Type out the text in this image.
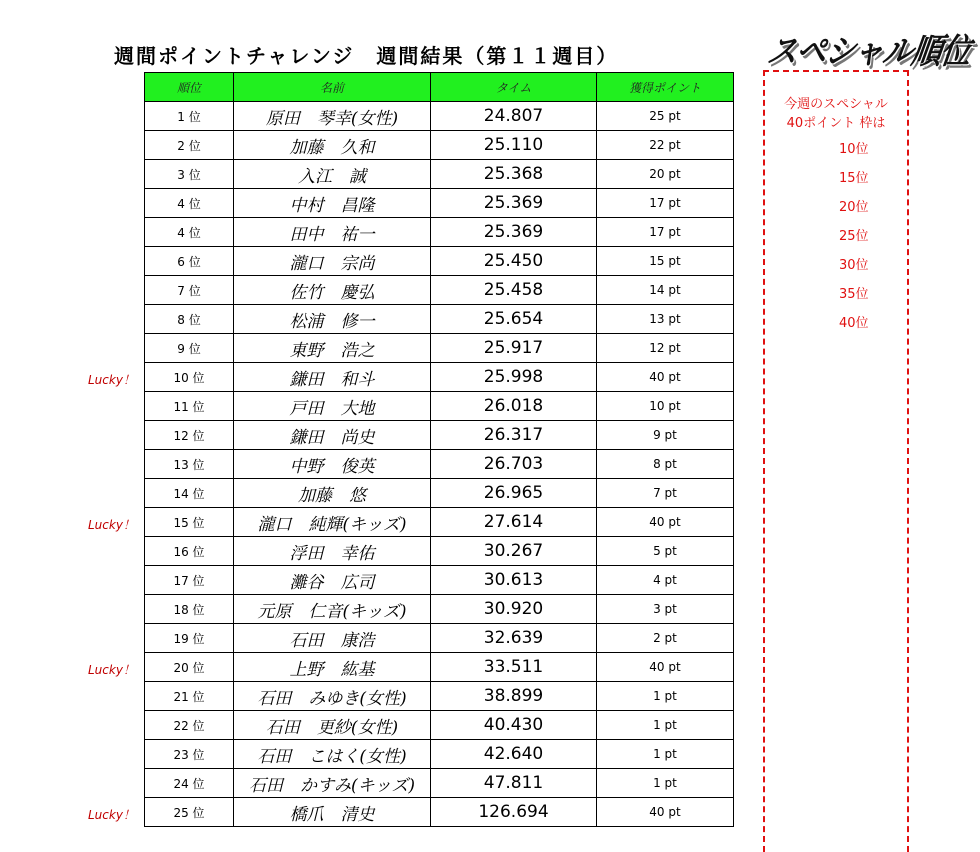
週間ポイントチャレンジ　週間結果（第１１週目）	スペシャル順位
順位	名前	タイム	獲得ポイント
1 位	原田　琴幸(女性)	24.807	25 pt
2 位	加藤　久和	25.110	22 pt
3 位	入江　誠	25.368	20 pt
4 位	中村　昌隆	25.369	17 pt
4 位	田中　祐一	25.369	17 pt
6 位	瀧口　宗尚	25.450	15 pt
7 位	佐竹　慶弘	25.458	14 pt
8 位	松浦　修一	25.654	13 pt
9 位	東野　浩之	25.917	12 pt
10 位	鎌田　和斗	25.998	40 pt
11 位	戸田　大地	26.018	10 pt
12 位	鎌田　尚史	26.317	9 pt
13 位	中野　俊英	26.703	8 pt
14 位	加藤　悠	26.965	7 pt
15 位	瀧口　純輝(キッズ)	27.614	40 pt
16 位	浮田　幸佑	30.267	5 pt
17 位	灘谷　広司	30.613	4 pt
18 位	元原　仁音(キッズ)	30.920	3 pt
19 位	石田　康浩	32.639	2 pt
20 位	上野　紘基	33.511	40 pt
21 位	石田　みゆき(女性)	38.899	1 pt
22 位	石田　更紗(女性)	40.430	1 pt
23 位	石田　こはく(女性)	42.640	1 pt
24 位	石田　かすみ(キッズ)	47.811	1 pt
25 位	橋爪　清史	126.694	40 pt
Lucky！
Lucky！
Lucky！
Lucky！
今週のスペシャル
40ポイント 枠は
10位
15位
20位
25位
30位
35位
40位
